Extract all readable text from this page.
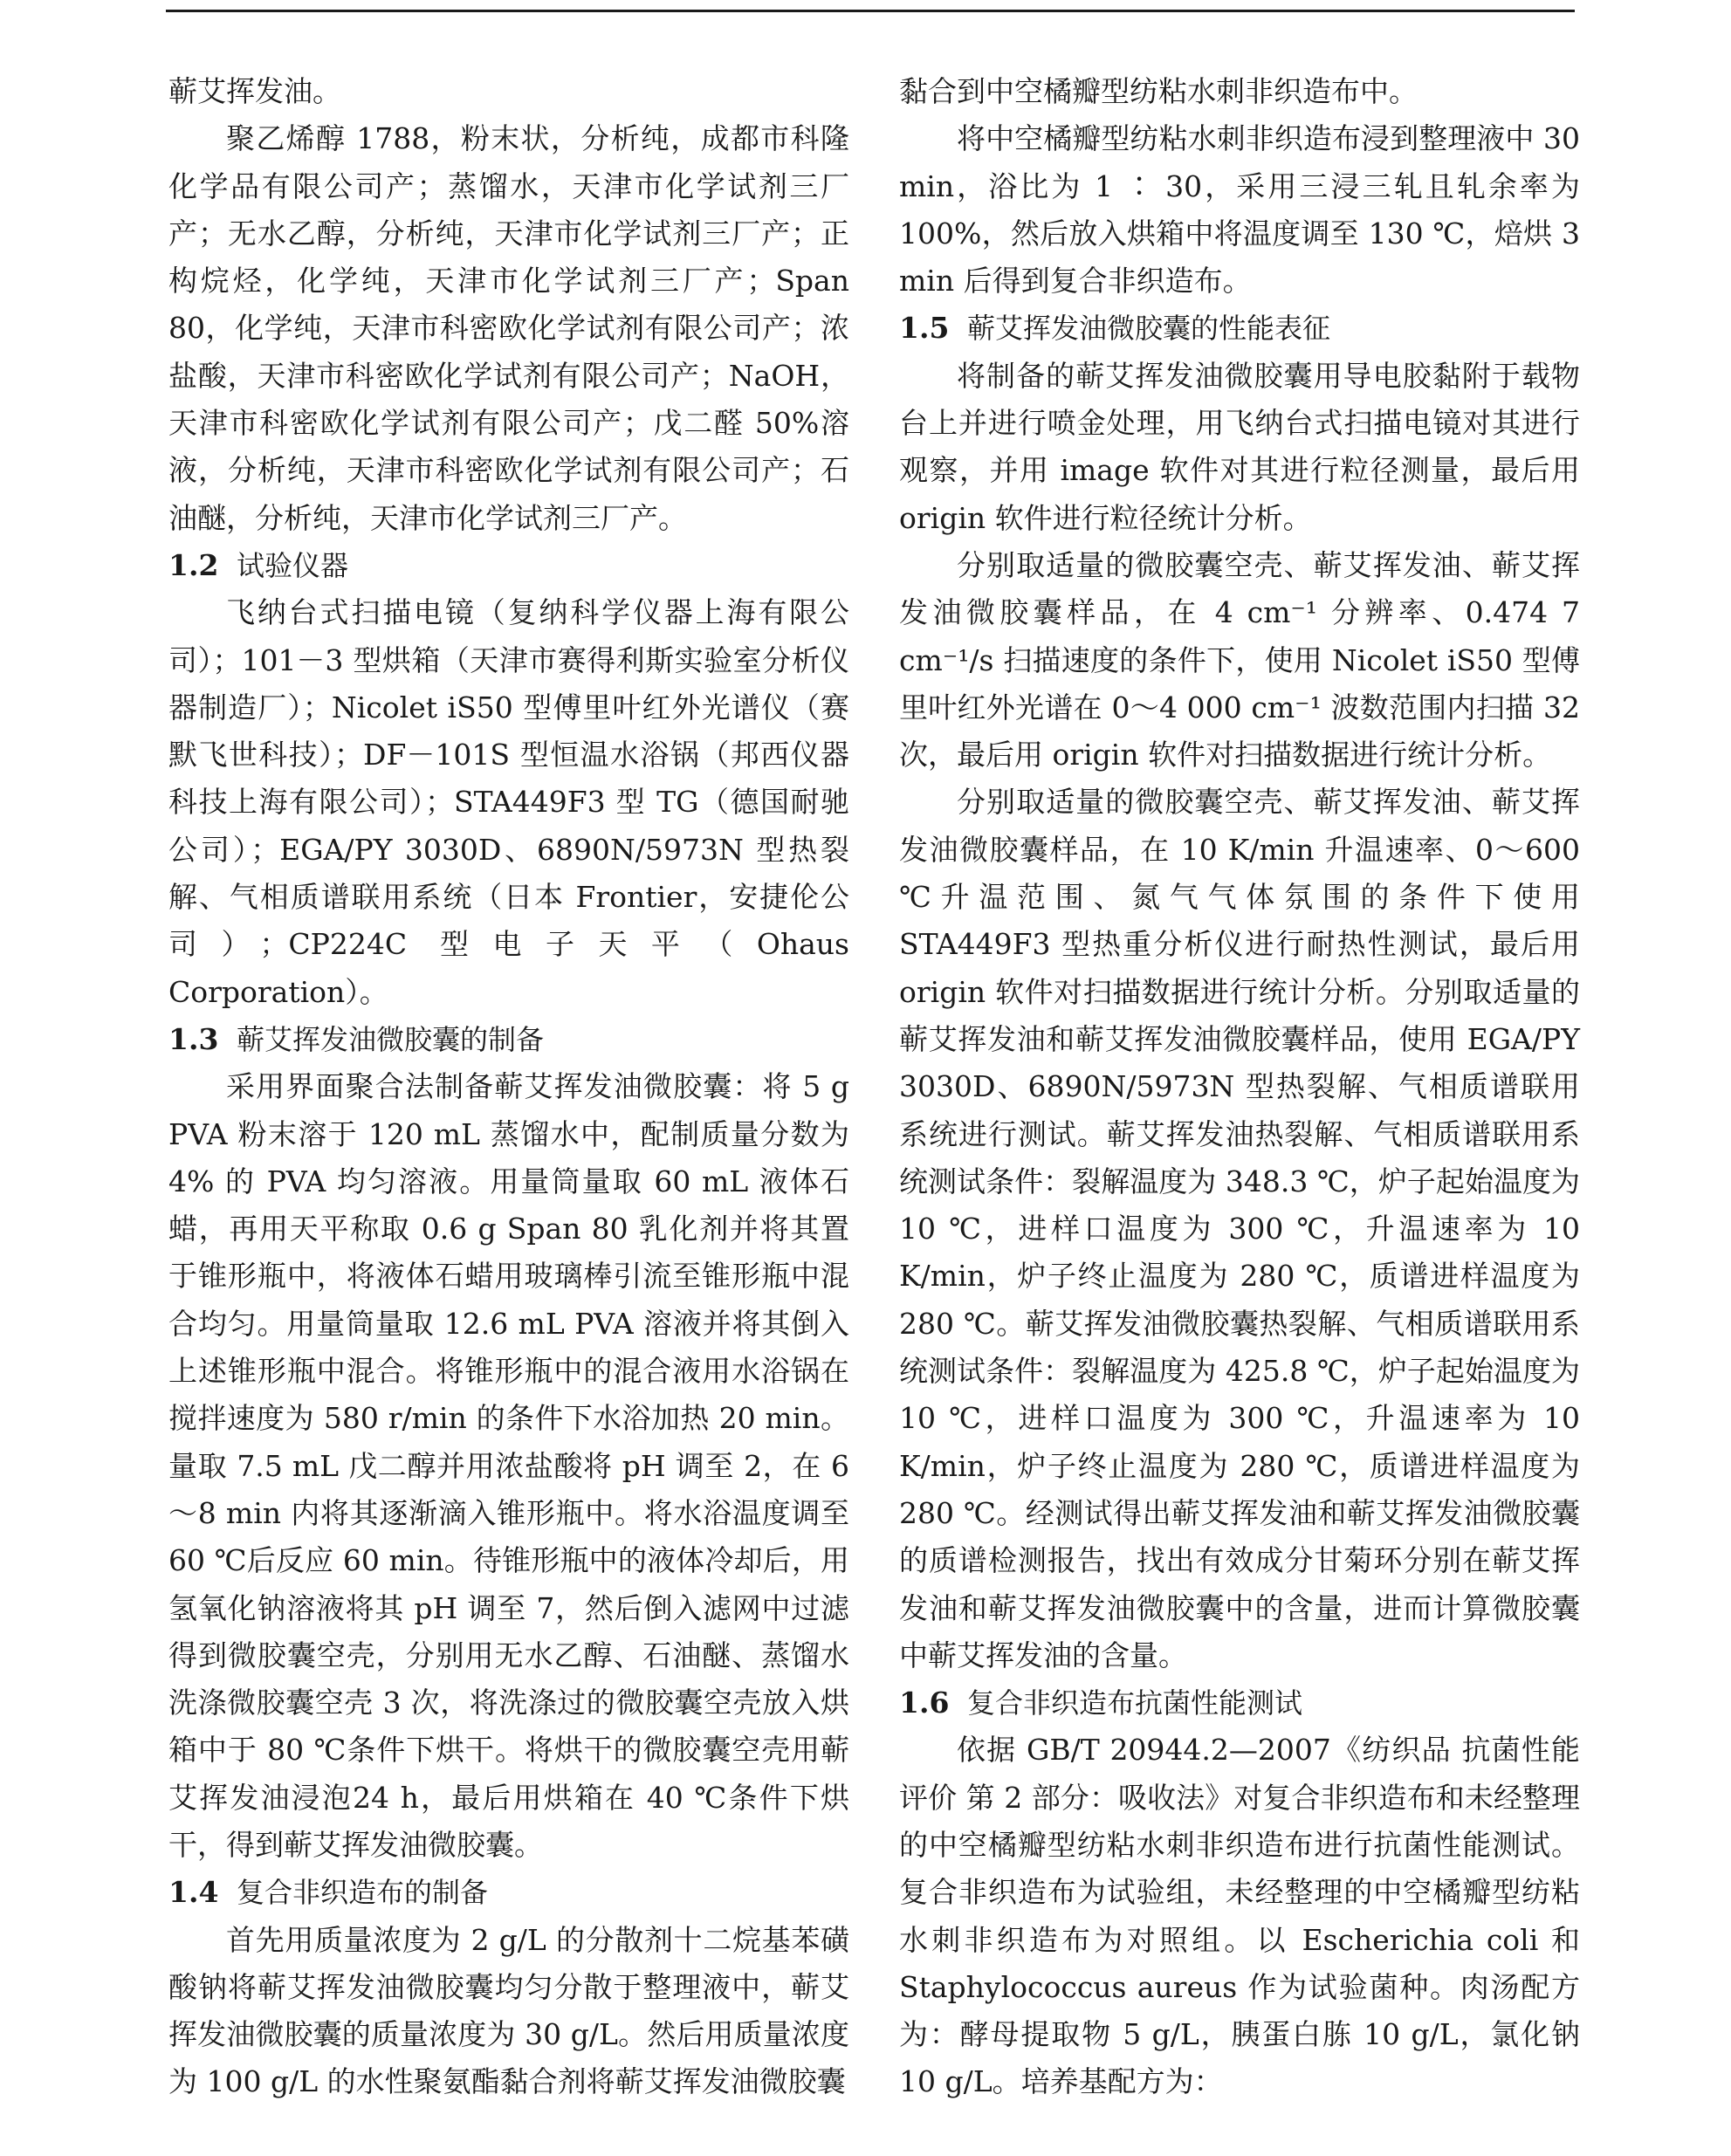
蕲艾挥发油。

聚乙烯醇 1788，粉末状，分析纯，成都市科隆化学品有限公司产；蒸馏水，天津市化学试剂三厂产；无水乙醇，分析纯，天津市化学试剂三厂产；正构烷烃，化学纯，天津市化学试剂三厂产；Span 80，化学纯，天津市科密欧化学试剂有限公司产；浓盐酸，天津市科密欧化学试剂有限公司产；NaOH，天津市科密欧化学试剂有限公司产；戊二醛 50%溶液，分析纯，天津市科密欧化学试剂有限公司产；石油醚，分析纯，天津市化学试剂三厂产。

1.2 试验仪器

飞纳台式扫描电镜（复纳科学仪器上海有限公司）；101－3 型烘箱（天津市赛得利斯实验室分析仪器制造厂）；Nicolet iS50 型傅里叶红外光谱仪（赛默飞世科技）；DF－101S 型恒温水浴锅（邦西仪器科技上海有限公司）；STA449F3 型 TG（德国耐驰公司）；EGA/PY 3030D、6890N/5973N 型热裂解、气相质谱联用系统（日本 Frontier，安捷伦公司）；CP224C 型电子天平（Ohaus Corporation）。

1.3 蕲艾挥发油微胶囊的制备

采用界面聚合法制备蕲艾挥发油微胶囊：将 5 g PVA 粉末溶于 120 mL 蒸馏水中，配制质量分数为 4% 的 PVA 均匀溶液。用量筒量取 60 mL 液体石蜡，再用天平称取 0.6 g Span 80 乳化剂并将其置于锥形瓶中，将液体石蜡用玻璃棒引流至锥形瓶中混合均匀。用量筒量取 12.6 mL PVA 溶液并将其倒入上述锥形瓶中混合。将锥形瓶中的混合液用水浴锅在搅拌速度为 580 r/min 的条件下水浴加热 20 min。量取 7.5 mL 戊二醇并用浓盐酸将 pH 调至 2，在 6～8 min 内将其逐渐滴入锥形瓶中。将水浴温度调至 60 ℃后反应 60 min。待锥形瓶中的液体冷却后，用氢氧化钠溶液将其 pH 调至 7，然后倒入滤网中过滤得到微胶囊空壳，分别用无水乙醇、石油醚、蒸馏水洗涤微胶囊空壳 3 次，将洗涤过的微胶囊空壳放入烘箱中于 80 ℃条件下烘干。将烘干的微胶囊空壳用蕲艾挥发油浸泡24 h，最后用烘箱在 40 ℃条件下烘干，得到蕲艾挥发油微胶囊。

1.4 复合非织造布的制备

首先用质量浓度为 2 g/L 的分散剂十二烷基苯磺酸钠将蕲艾挥发油微胶囊均匀分散于整理液中，蕲艾挥发油微胶囊的质量浓度为 30 g/L。然后用质量浓度为 100 g/L 的水性聚氨酯黏合剂将蕲艾挥发油微胶囊

黏合到中空橘瓣型纺粘水刺非织造布中。

将中空橘瓣型纺粘水刺非织造布浸到整理液中 30 min，浴比为 1 ∶ 30，采用三浸三轧且轧余率为 100%，然后放入烘箱中将温度调至 130 ℃，焙烘 3 min 后得到复合非织造布。

1.5 蕲艾挥发油微胶囊的性能表征

将制备的蕲艾挥发油微胶囊用导电胶黏附于载物台上并进行喷金处理，用飞纳台式扫描电镜对其进行观察，并用 image 软件对其进行粒径测量，最后用 origin 软件进行粒径统计分析。

分别取适量的微胶囊空壳、蕲艾挥发油、蕲艾挥发油微胶囊样品，在 4 cm⁻¹ 分辨率、0.474 7 cm⁻¹/s 扫描速度的条件下，使用 Nicolet iS50 型傅里叶红外光谱在 0～4 000 cm⁻¹ 波数范围内扫描 32 次，最后用 origin 软件对扫描数据进行统计分析。

分别取适量的微胶囊空壳、蕲艾挥发油、蕲艾挥发油微胶囊样品，在 10 K/min 升温速率、0～600 ℃升温范围、氮气气体氛围的条件下使用 STA449F3 型热重分析仪进行耐热性测试，最后用 origin 软件对扫描数据进行统计分析。分别取适量的蕲艾挥发油和蕲艾挥发油微胶囊样品，使用 EGA/PY 3030D、6890N/5973N 型热裂解、气相质谱联用系统进行测试。蕲艾挥发油热裂解、气相质谱联用系统测试条件：裂解温度为 348.3 ℃，炉子起始温度为 10 ℃，进样口温度为 300 ℃，升温速率为 10 K/min，炉子终止温度为 280 ℃，质谱进样温度为 280 ℃。蕲艾挥发油微胶囊热裂解、气相质谱联用系统测试条件：裂解温度为 425.8 ℃，炉子起始温度为 10 ℃，进样口温度为 300 ℃，升温速率为 10 K/min，炉子终止温度为 280 ℃，质谱进样温度为 280 ℃。经测试得出蕲艾挥发油和蕲艾挥发油微胶囊的质谱检测报告，找出有效成分甘菊环分别在蕲艾挥发油和蕲艾挥发油微胶囊中的含量，进而计算微胶囊中蕲艾挥发油的含量。

1.6 复合非织造布抗菌性能测试

依据 GB/T 20944.2—2007《纺织品 抗菌性能评价 第 2 部分：吸收法》对复合非织造布和未经整理的中空橘瓣型纺粘水刺非织造布进行抗菌性能测试。复合非织造布为试验组，未经整理的中空橘瓣型纺粘水刺非织造布为对照组。以 Escherichia coli 和 Staphylococcus aureus 作为试验菌种。肉汤配方为：酵母提取物 5 g/L，胰蛋白胨 10 g/L，氯化钠10 g/L。培养基配方为：
